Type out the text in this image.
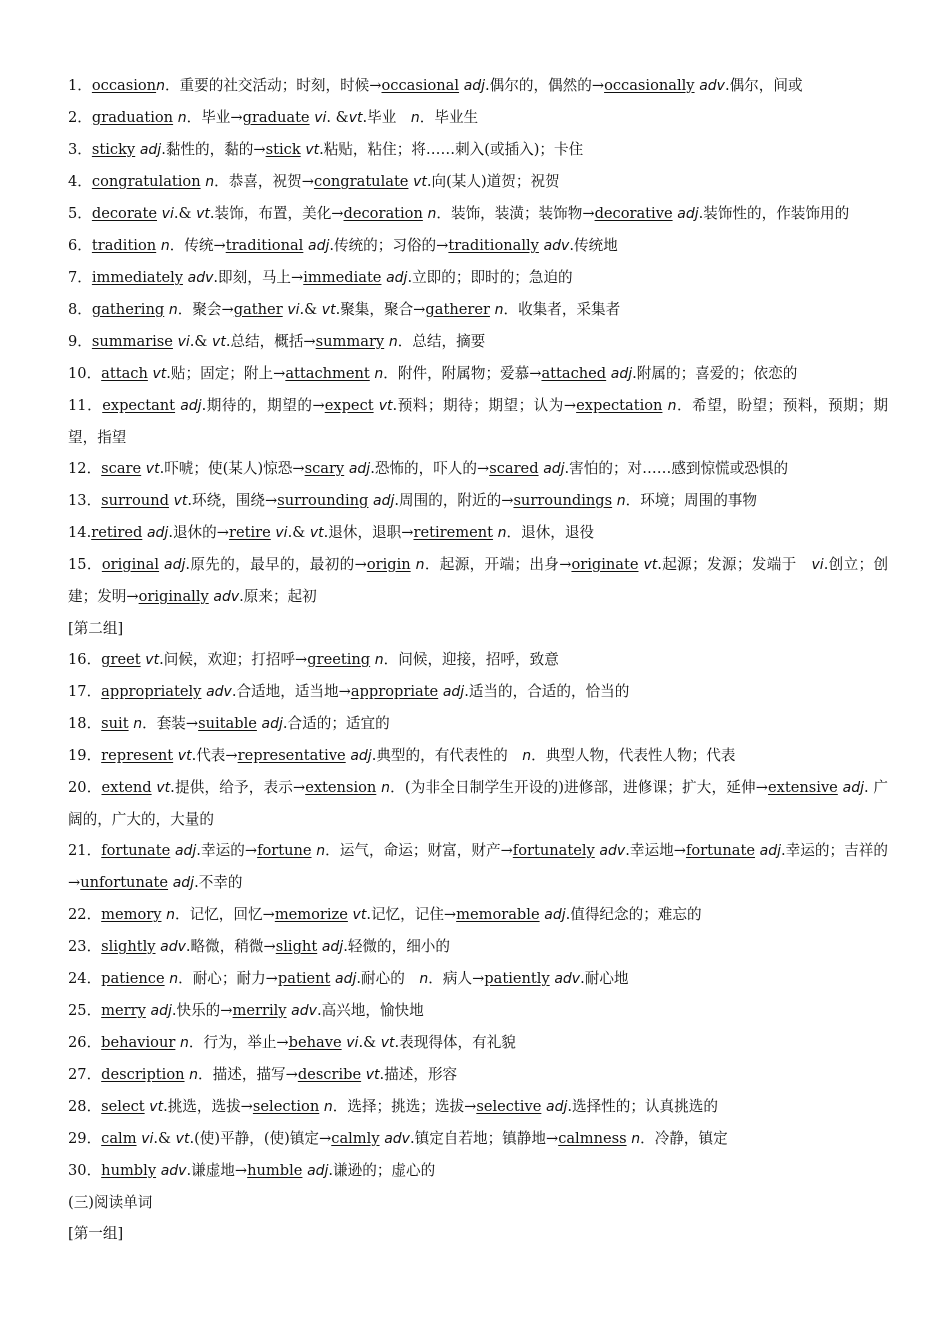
1．occasionn．重要的社交活动；时刻，时候→occasional adj.偶尔的，偶然的→occasionally adv.偶尔，间或

2．graduation n．毕业→graduate vi. &vt.毕业　n．毕业生

3．sticky adj.黏性的，黏的→stick vt.粘贴，粘住；将……刺入(或插入)；卡住

4．congratulation n．恭喜，祝贺→congratulate vt.向(某人)道贺；祝贺

5．decorate vi.& vt.装饰，布置，美化→decoration n．装饰，装潢；装饰物→decorative adj.装饰性的，作装饰用的

6．tradition n．传统→traditional adj.传统的；习俗的→traditionally adv.传统地

7．immediately adv.即刻，马上→immediate adj.立即的；即时的；急迫的

8．gathering n．聚会→gather vi.& vt.聚集，聚合→gatherer n．收集者，采集者

9．summarise vi.& vt.总结，概括→summary n．总结，摘要

10．attach vt.贴；固定；附上→attachment n．附件，附属物；爱慕→attached adj.附属的；喜爱的；依恋的

11．expectant adj.期待的，期望的→expect vt.预料；期待；期望；认为→expectation n．希望，盼望；预料，预期；期望，指望

12．scare vt.吓唬；使(某人)惊恐→scary adj.恐怖的，吓人的→scared adj.害怕的；对……感到惊慌或恐惧的

13．surround vt.环绕，围绕→surrounding adj.周围的，附近的→surroundings n．环境；周围的事物

14.retired adj.退休的→retire vi.& vt.退休，退职→retirement n．退休，退役

15．original adj.原先的，最早的，最初的→origin n．起源，开端；出身→originate vt.起源；发源；发端于　vi.创立；创建；发明→originally adv.原来；起初

[第二组]

16．greet vt.问候，欢迎；打招呼→greeting n．问候，迎接，招呼，致意

17．appropriately adv.合适地，适当地→appropriate adj.适当的，合适的，恰当的

18．suit n．套装→suitable adj.合适的；适宜的

19．represent vt.代表→representative adj.典型的，有代表性的　n．典型人物，代表性人物；代表

20．extend vt.提供，给予，表示→extension n．(为非全日制学生开设的)进修部，进修课；扩大，延伸→extensive adj. 广阔的，广大的，大量的

21．fortunate adj.幸运的→fortune n．运气，命运；财富，财产→fortunately adv.幸运地→fortunate adj.幸运的；吉祥的→unfortunate adj.不幸的

22．memory n．记忆，回忆→memorize vt.记忆，记住→memorable adj.值得纪念的；难忘的

23．slightly adv.略微，稍微→slight adj.轻微的，细小的

24．patience n．耐心；耐力→patient adj.耐心的　n．病人→patiently adv.耐心地

25．merry adj.快乐的→merrily adv.高兴地，愉快地

26．behaviour n．行为，举止→behave vi.& vt.表现得体，有礼貌

27．description n．描述，描写→describe vt.描述，形容

28．select vt.挑选，选拔→selection n．选择；挑选；选拔→selective adj.选择性的；认真挑选的

29．calm vi.& vt.(使)平静，(使)镇定→calmly adv.镇定自若地；镇静地→calmness n．冷静，镇定

30．humbly adv.谦虚地→humble adj.谦逊的；虚心的

(三)阅读单词

[第一组]
